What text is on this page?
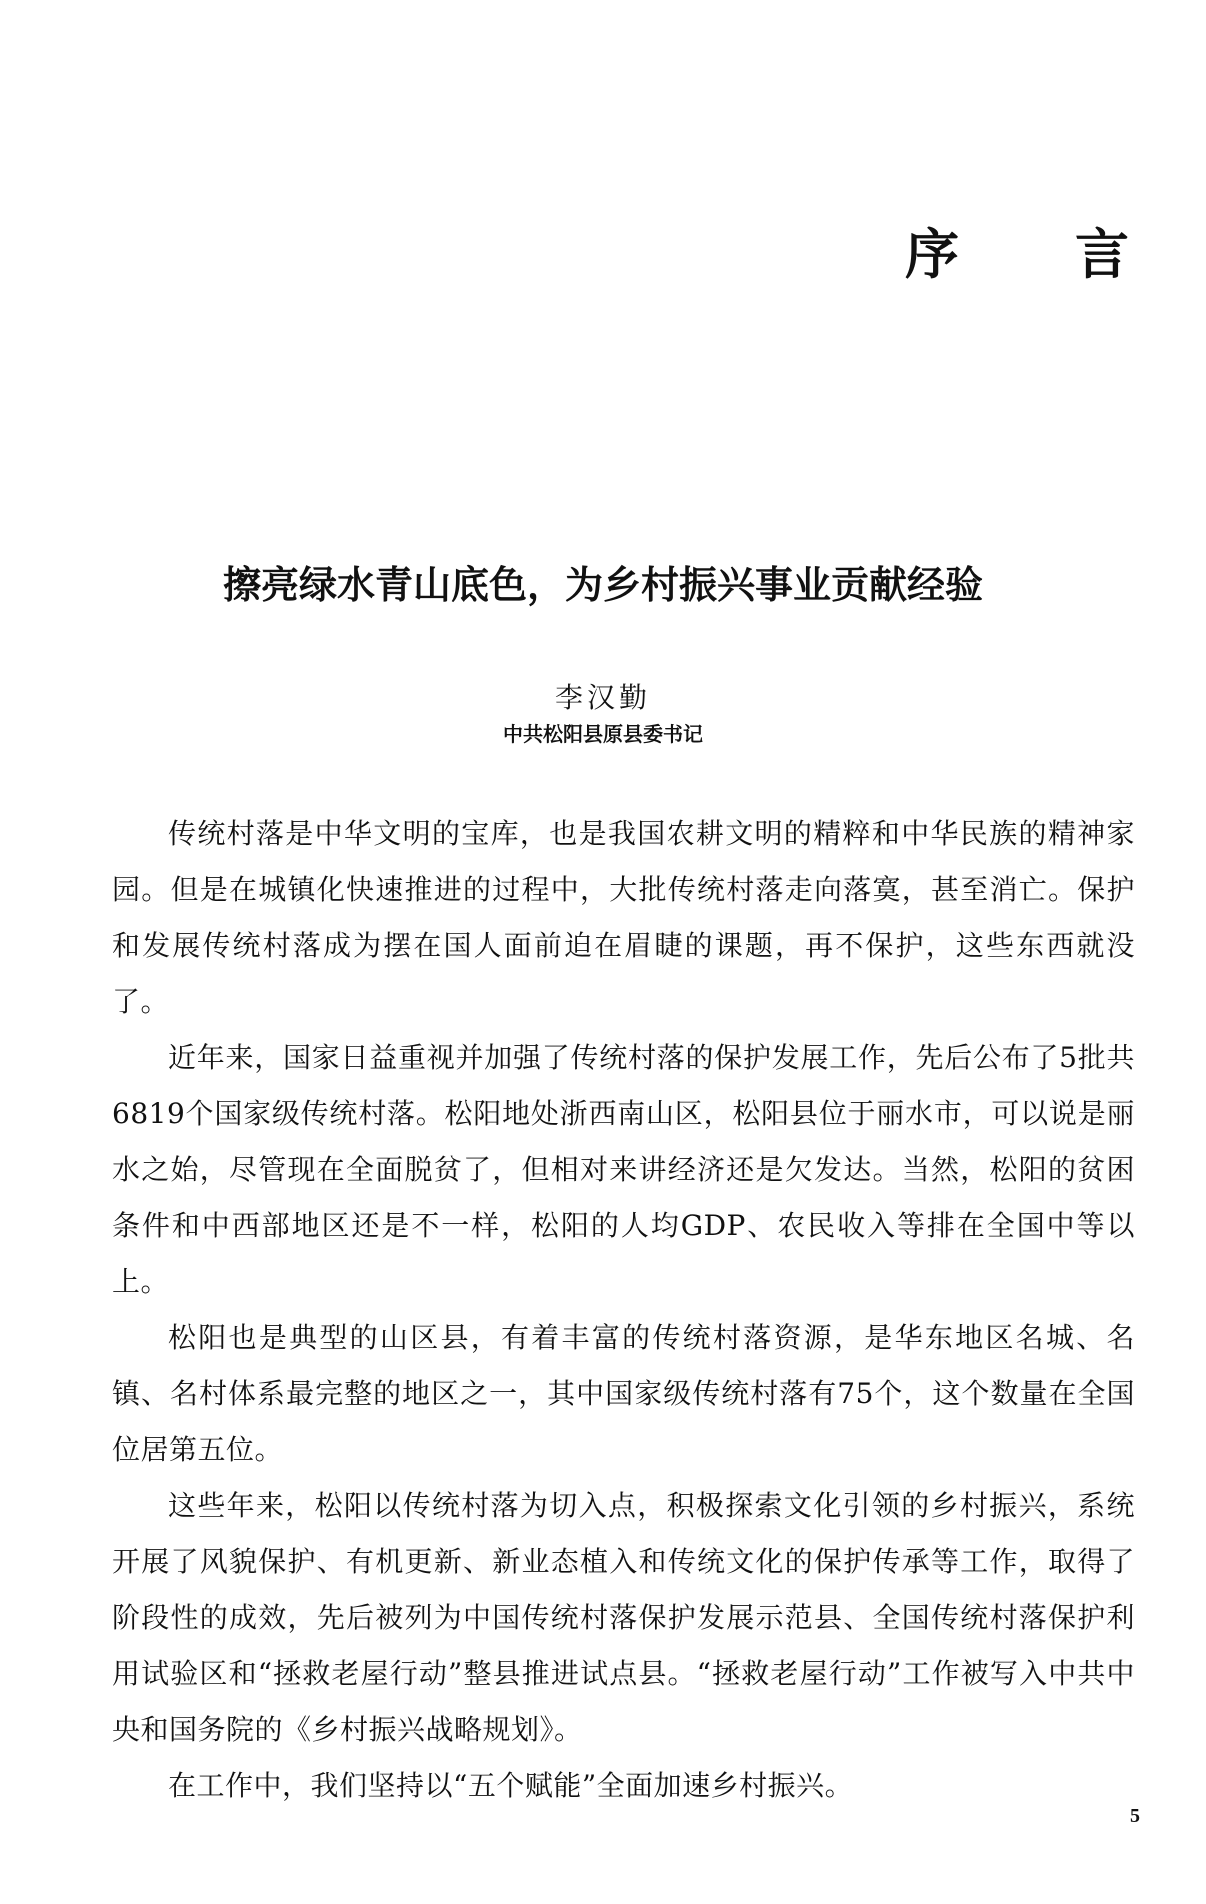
序 言
擦亮绿水青山底色，为乡村振兴事业贡献经验
李汉勤
中共松阳县原县委书记

传统村落是中华文明的宝库，也是我国农耕文明的精粹和中华民族的精神家园。但是在城镇化快速推进的过程中，大批传统村落走向落寞，甚至消亡。保护和发展传统村落成为摆在国人面前迫在眉睫的课题，再不保护，这些东西就没了。

近年来，国家日益重视并加强了传统村落的保护发展工作，先后公布了5批共6819个国家级传统村落。松阳地处浙西南山区，松阳县位于丽水市，可以说是丽水之始，尽管现在全面脱贫了，但相对来讲经济还是欠发达。当然，松阳的贫困条件和中西部地区还是不一样，松阳的人均GDP、农民收入等排在全国中等以上。

松阳也是典型的山区县，有着丰富的传统村落资源，是华东地区名城、名镇、名村体系最完整的地区之一，其中国家级传统村落有75个，这个数量在全国位居第五位。

这些年来，松阳以传统村落为切入点，积极探索文化引领的乡村振兴，系统开展了风貌保护、有机更新、新业态植入和传统文化的保护传承等工作，取得了阶段性的成效，先后被列为中国传统村落保护发展示范县、全国传统村落保护利用试验区和“拯救老屋行动”整县推进试点县。“拯救老屋行动”工作被写入中共中央和国务院的《乡村振兴战略规划》。

在工作中，我们坚持以“五个赋能”全面加速乡村振兴。

5
